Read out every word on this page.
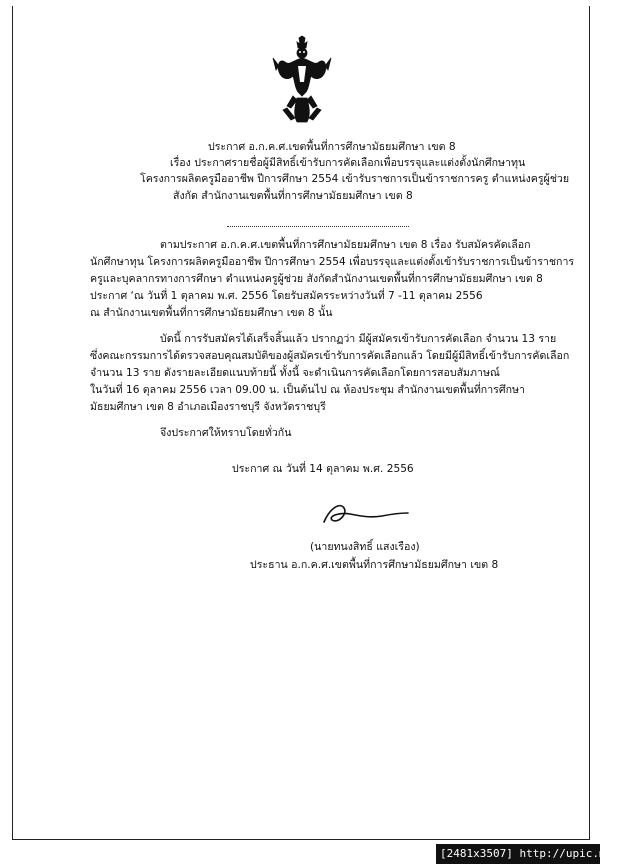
ประกาศ อ.ก.ค.ศ.เขตพื้นที่การศึกษามัธยมศึกษา เขต 8
เรื่อง ประกาศรายชื่อผู้มีสิทธิ์เข้ารับการคัดเลือกเพื่อบรรจุและแต่งตั้งนักศึกษาทุน
โครงการผลิตครูมืออาชีพ ปีการศึกษา 2554 เข้ารับราชการเป็นข้าราชการครู ตำแหน่งครูผู้ช่วย
สังกัด สำนักงานเขตพื้นที่การศึกษามัธยมศึกษา เขต 8
ตามประกาศ อ.ก.ค.ศ.เขตพื้นที่การศึกษามัธยมศึกษา เขต 8 เรื่อง รับสมัครคัดเลือก
นักศึกษาทุน โครงการผลิตครูมืออาชีพ ปีการศึกษา 2554 เพื่อบรรจุและแต่งตั้งเข้ารับราชการเป็นข้าราชการ
ครูและบุคลากรทางการศึกษา ตำแหน่งครูผู้ช่วย สังกัดสำนักงานเขตพื้นที่การศึกษามัธยมศึกษา เขต 8
ประกาศ ‘ณ วันที่ 1 ตุลาคม พ.ศ. 2556 โดยรับสมัครระหว่างวันที่ 7 -11 ตุลาคม 2556
ณ สำนักงานเขตพื้นที่การศึกษามัธยมศึกษา เขต 8 นั้น
บัดนี้ การรับสมัครได้เสร็จสิ้นแล้ว ปรากฏว่า มีผู้สมัครเข้ารับการคัดเลือก จำนวน 13 ราย
ซึ่งคณะกรรมการได้ตรวจสอบคุณสมบัติของผู้สมัครเข้ารับการคัดเลือกแล้ว โดยมีผู้มีสิทธิ์เข้ารับการคัดเลือก
จำนวน 13 ราย ดังรายละเอียดแนบท้ายนี้ ทั้งนี้ จะดำเนินการคัดเลือกโดยการสอบสัมภาษณ์
ในวันที่ 16 ตุลาคม 2556 เวลา 09.00 น. เป็นต้นไป ณ ห้องประชุม สำนักงานเขตพื้นที่การศึกษา
มัธยมศึกษา เขต 8 อำเภอเมืองราชบุรี จังหวัดราชบุรี
จึงประกาศให้ทราบโดยทั่วกัน
ประกาศ ณ วันที่ 14 ตุลาคม พ.ศ. 2556
(นายทนงสิทธิ์ แสงเรือง)
ประธาน อ.ก.ค.ศ.เขตพื้นที่การศึกษามัธยมศึกษา เขต 8
[2481x3507] http://upic.me/
